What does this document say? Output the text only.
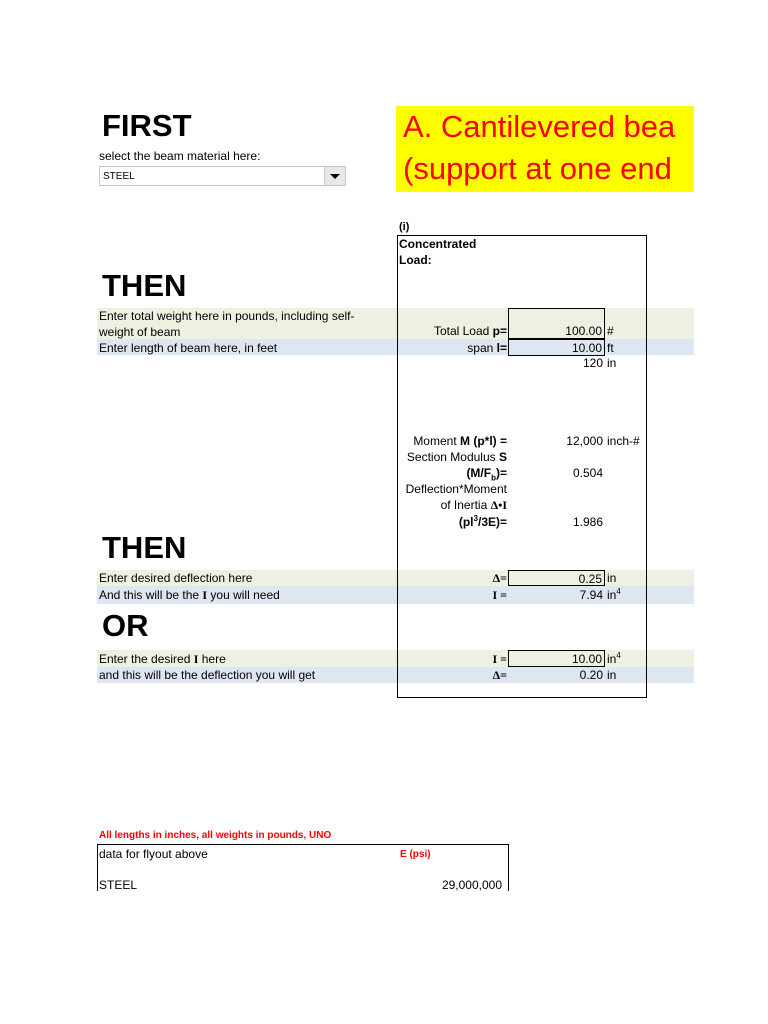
FIRST
select the beam material here:
STEEL
THEN
A. Cantilevered bea
(support at one end
(i)
Concentrated
Load:
Enter total weight here in pounds, including self-
weight of beam	Total Load p=	100.00 #
Enter length of beam here, in feet	span l=	10.00 ft
120 in
Moment M (p*l) =	12,000 inch-#
Section Modulus S
$(M/F_b)=$	0.504
Deflection*Moment
of Inertia Δ•I
$(pl^3/3E)=$	1.986
THEN
Enter desired deflection here	Δ=	0.25 in
And this will be the I you will need	I =	7.94 $in^4$
OR
Enter the desired I here	I =	10.00 $in^4$
and this will be the deflection you will get	Δ=	0.20 in
All lengths in inches, all weights in pounds, UNO
data for flyout above	E (psi)
STEEL	29,000,000
